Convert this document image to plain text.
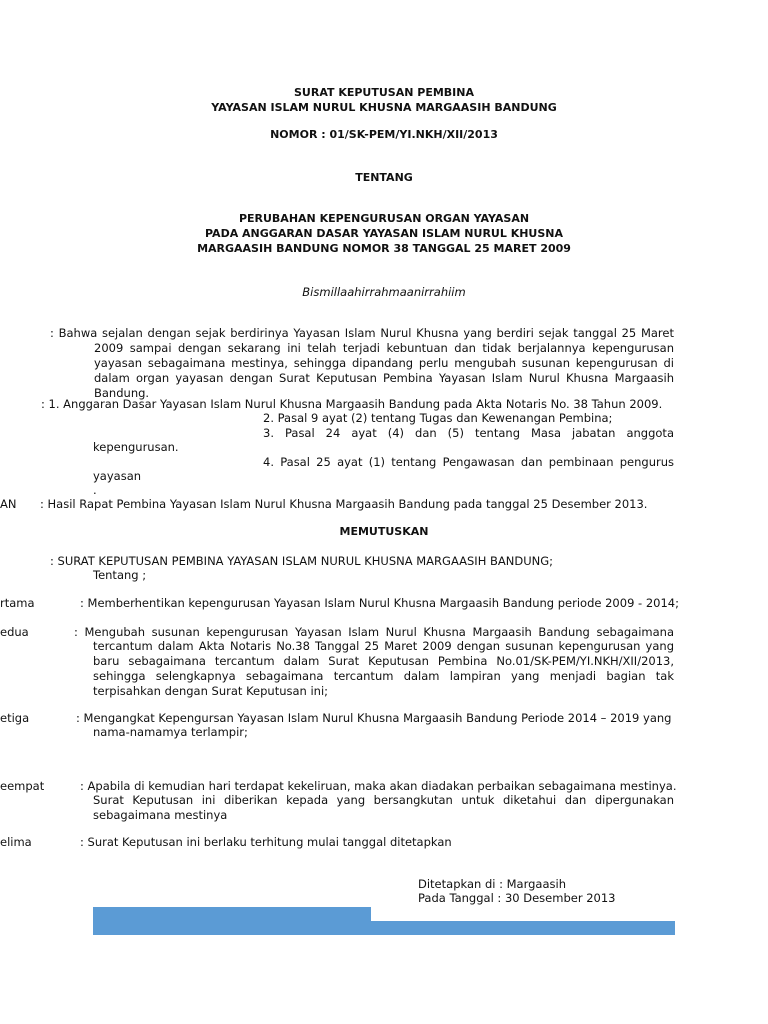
SURAT KEPUTUSAN PEMBINA
YAYASAN ISLAM NURUL KHUSNA MARGAASIH BANDUNG
NOMOR : 01/SK-PEM/YI.NKH/XII/2013
TENTANG
PERUBAHAN KEPENGURUSAN ORGAN YAYASAN
PADA ANGGARAN DASAR YAYASAN ISLAM NURUL KHUSNA
MARGAASIH BANDUNG NOMOR 38 TANGGAL 25 MARET 2009
Bismillaahirrahmaanirrahiim
: Bahwa sejalan dengan sejak berdirinya Yayasan Islam Nurul Khusna yang berdiri sejak tanggal 25 Maret 2009 sampai dengan sekarang ini telah terjadi kebuntuan dan tidak berjalannya kepengurusan yayasan sebagaimana mestinya, sehingga dipandang perlu mengubah susunan kepengurusan di dalam organ yayasan dengan Surat Keputusan Pembina Yayasan Islam Nurul Khusna Margaasih Bandung.
: 1. Anggaran Dasar Yayasan Islam Nurul Khusna Margaasih Bandung pada Akta Notaris No. 38 Tahun 2009.
2. Pasal 9 ayat (2) tentang Tugas dan Kewenangan Pembina;
3. Pasal 24 ayat (4) dan (5) tentang Masa jabatan anggota
kepengurusan.
4. Pasal 25 ayat (1) tentang Pengawasan dan pembinaan pengurus
yayasan
.
AN : Hasil Rapat Pembina Yayasan Islam Nurul Khusna Margaasih Bandung pada tanggal 25 Desember 2013.
MEMUTUSKAN
: SURAT KEPUTUSAN PEMBINA YAYASAN ISLAM NURUL KHUSNA MARGAASIH BANDUNG;
Tentang ;
rtama	: Memberhentikan kepengurusan Yayasan Islam Nurul Khusna Margaasih Bandung periode 2009 - 2014;
edua	: Mengubah susunan kepengurusan Yayasan Islam Nurul Khusna Margaasih Bandung sebagaimana
tercantum dalam Akta Notaris No.38 Tanggal 25 Maret 2009 dengan susunan kepengurusan yang baru sebagaimana tercantum dalam Surat Keputusan Pembina No.01/SK-PEM/YI.NKH/XII/2013, sehingga selengkapnya sebagaimana tercantum dalam lampiran yang menjadi bagian tak terpisahkan dengan Surat Keputusan ini;
etiga	: Mengangkat Kepengursan Yayasan Islam Nurul Khusna Margaasih Bandung Periode 2014 – 2019 yang
nama-namamya terlampir;
eempat	: Apabila di kemudian hari terdapat kekeliruan, maka akan diadakan perbaikan sebagaimana mestinya.
Surat Keputusan ini diberikan kepada yang bersangkutan untuk diketahui dan dipergunakan sebagaimana mestinya
elima	: Surat Keputusan ini berlaku terhitung mulai tanggal ditetapkan
Ditetapkan di : Margaasih
Pada Tanggal : 30 Desember 2013
